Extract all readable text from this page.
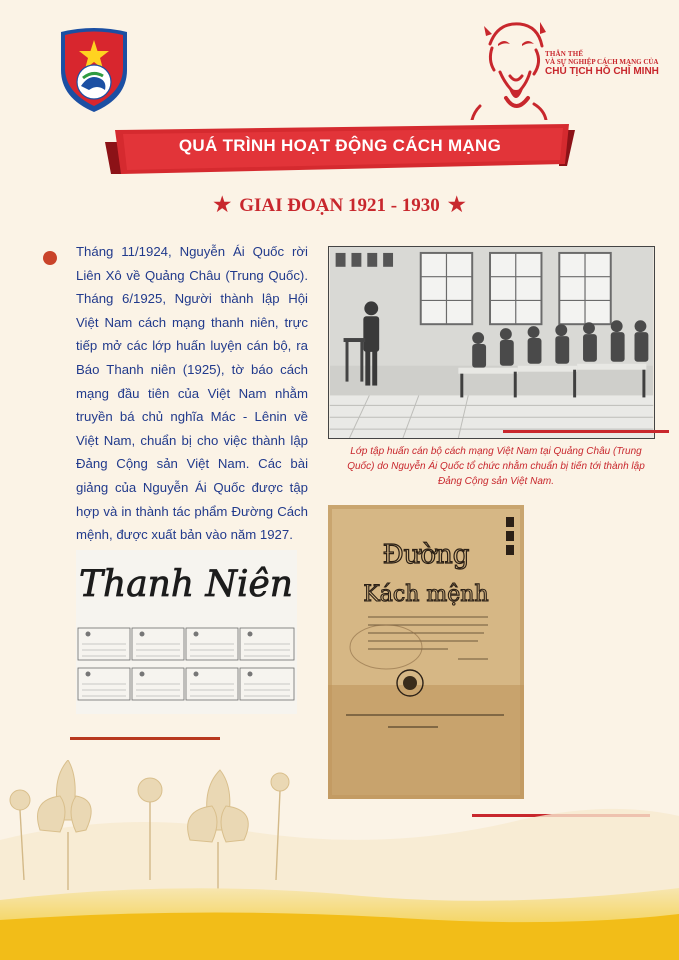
THÂN THẾ
VÀ SỰ NGHIỆP CÁCH MẠNG CỦA
CHỦ TỊCH HỒ CHÍ MINH
QUÁ TRÌNH HOẠT ĐỘNG CÁCH MẠNG
★ GIAI ĐOẠN 1921 - 1930 ★
Tháng 11/1924, Nguyễn Ái Quốc rời Liên Xô về Quảng Châu (Trung Quốc). Tháng 6/1925, Người thành lập Hội Việt Nam cách mạng thanh niên, trực tiếp mở các lớp huấn luyện cán bộ, ra Báo Thanh niên (1925), tờ báo cách mạng đầu tiên của Việt Nam nhằm truyền bá chủ nghĩa Mác - Lênin về Việt Nam, chuẩn bị cho việc thành lập Đảng Cộng sản Việt Nam. Các bài giảng của Nguyễn Ái Quốc được tập hợp và in thành tác phẩm Đường Cách mệnh, được xuất bản vào năm 1927.
Lớp tập huấn cán bộ cách mạng Việt Nam tại Quảng Châu (Trung Quốc) do Nguyễn Ái Quốc tổ chức nhằm chuẩn bị tiến tới thành lập Đảng Cộng sản Việt Nam.
Thanh Niên
Đường
Kách mệnh
